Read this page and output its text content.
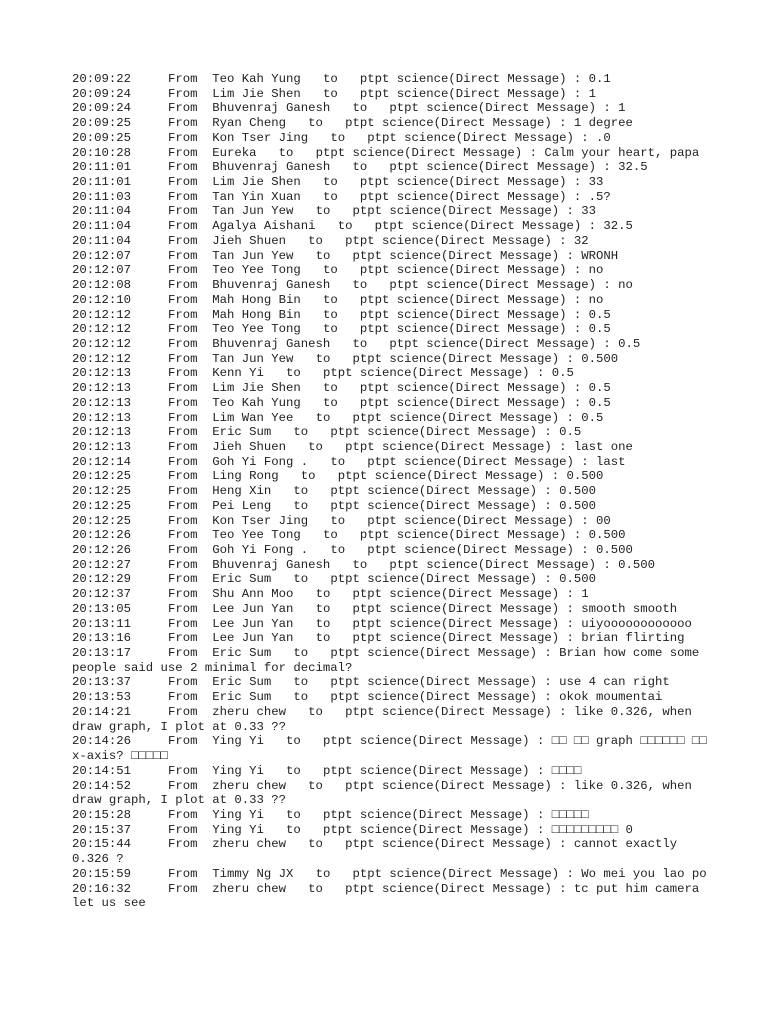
20:09:22	From  Teo Kah Yung to   ptpt science(Direct Message) : 0.1
20:09:24	From  Lim Jie Shen to   ptpt science(Direct Message) : 1
20:09:24	From  Bhuvenraj Ganesh to   ptpt science(Direct Message) : 1
20:09:25	From  Ryan Cheng to   ptpt science(Direct Message) : 1 degree
20:09:25	From  Kon Tser Jing to   ptpt science(Direct Message) : .0
20:10:28	From  Eureka to   ptpt science(Direct Message) : Calm your heart, papa
20:11:01	From  Bhuvenraj Ganesh to   ptpt science(Direct Message) : 32.5
20:11:01	From  Lim Jie Shen to   ptpt science(Direct Message) : 33
20:11:03	From  Tan Yin Xuan to   ptpt science(Direct Message) : .5?
20:11:04	From  Tan Jun Yew to   ptpt science(Direct Message) : 33
20:11:04	From  Agalya Aishani to   ptpt science(Direct Message) : 32.5
20:11:04	From  Jieh Shuen to   ptpt science(Direct Message) : 32
20:12:07	From  Tan Jun Yew to   ptpt science(Direct Message) : WRONH
20:12:07	From  Teo Yee Tong to   ptpt science(Direct Message) : no
20:12:08	From  Bhuvenraj Ganesh to   ptpt science(Direct Message) : no
20:12:10	From  Mah Hong Bin to   ptpt science(Direct Message) : no
20:12:12	From  Mah Hong Bin to   ptpt science(Direct Message) : 0.5
20:12:12	From  Teo Yee Tong to   ptpt science(Direct Message) : 0.5
20:12:12	From  Bhuvenraj Ganesh to   ptpt science(Direct Message) : 0.5
20:12:12	From  Tan Jun Yew to   ptpt science(Direct Message) : 0.500
20:12:13	From  Kenn Yi to   ptpt science(Direct Message) : 0.5
20:12:13	From  Lim Jie Shen to   ptpt science(Direct Message) : 0.5
20:12:13	From  Teo Kah Yung to   ptpt science(Direct Message) : 0.5
20:12:13	From  Lim Wan Yee to   ptpt science(Direct Message) : 0.5
20:12:13	From  Eric Sum to   ptpt science(Direct Message) : 0.5
20:12:13	From  Jieh Shuen to   ptpt science(Direct Message) : last one
20:12:14	From  Goh Yi Fong . to   ptpt science(Direct Message) : last
20:12:25	From  Ling Rong to   ptpt science(Direct Message) : 0.500
20:12:25	From  Heng Xin to   ptpt science(Direct Message) : 0.500
20:12:25	From  Pei Leng to   ptpt science(Direct Message) : 0.500
20:12:25	From  Kon Tser Jing to   ptpt science(Direct Message) : 00
20:12:26	From  Teo Yee Tong to   ptpt science(Direct Message) : 0.500
20:12:26	From  Goh Yi Fong . to   ptpt science(Direct Message) : 0.500
20:12:27	From  Bhuvenraj Ganesh to   ptpt science(Direct Message) : 0.500
20:12:29	From  Eric Sum to   ptpt science(Direct Message) : 0.500
20:12:37	From  Shu Ann Moo to   ptpt science(Direct Message) : 1
20:13:05	From  Lee Jun Yan to   ptpt science(Direct Message) : smooth smooth
20:13:11	From  Lee Jun Yan to   ptpt science(Direct Message) : uiyoooooooooooo
20:13:16	From  Lee Jun Yan to   ptpt science(Direct Message) : brian flirting
20:13:17	From  Eric Sum to   ptpt science(Direct Message) : Brian how come some people said use 2 minimal for decimal?
20:13:37	From  Eric Sum to   ptpt science(Direct Message) : use 4 can right
20:13:53	From  Eric Sum to   ptpt science(Direct Message) : okok moumentai
20:14:21	From  zheru chew to   ptpt science(Direct Message) : like 0.326, when draw graph, I plot at 0.33 ??
20:14:26	From  Ying Yi to   ptpt science(Direct Message) : □□ □□ graph □□□□□□ □□ x-axis? □□□□□
20:14:51	From  Ying Yi to   ptpt science(Direct Message) : □□□□
20:14:52	From  zheru chew to   ptpt science(Direct Message) : like 0.326, when draw graph, I plot at 0.33 ??
20:15:28	From  Ying Yi to   ptpt science(Direct Message) : □□□□□
20:15:37	From  Ying Yi to   ptpt science(Direct Message) : □□□□□□□□□ 0
20:15:44	From  zheru chew to   ptpt science(Direct Message) : cannot exactly 0.326 ?
20:15:59	From  Timmy Ng JX to   ptpt science(Direct Message) : Wo mei you lao po
20:16:32	From  zheru chew to   ptpt science(Direct Message) : tc put him camera let us see
